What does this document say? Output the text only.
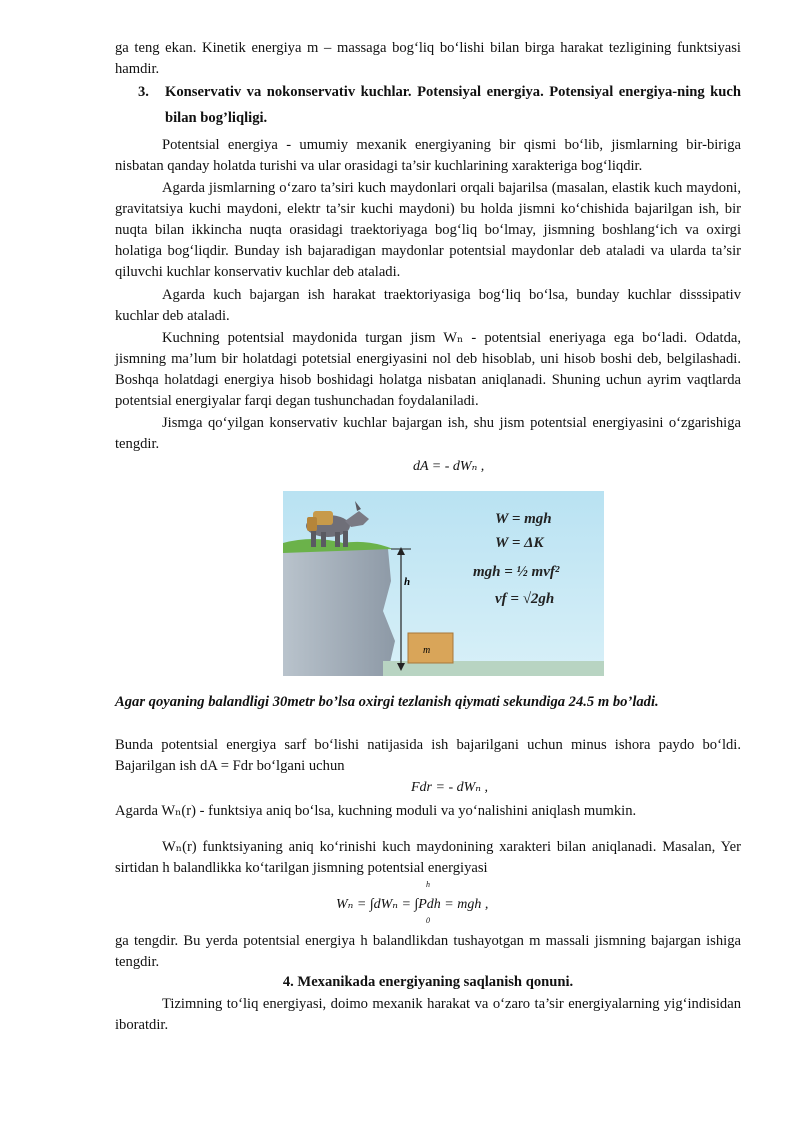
ga teng ekan. Kinetik energiya m – massaga bog‘liq bo‘lishi bilan birga harakat tezligining funktsiyasi hamdir.
3. Konservativ va nokonservativ kuchlar. Potensiyal energiya. Potensiyal energiya-ning kuch bilan bog’liqligi.
Potentsial energiya - umumiy mexanik energiyaning bir qismi bo‘lib, jismlarning bir-biriga nisbatan qanday holatda turishi va ular orasidagi ta’sir kuchlarining xarakteriga bog‘liqdir.
Agarda jismlarning o‘zaro ta’siri kuch maydonlari orqali bajarilsa (masalan, elastik kuch maydoni, gravitatsiya kuchi maydoni, elektr ta’sir kuchi maydoni) bu holda jismni ko‘chishida bajarilgan ish, bir nuqta bilan ikkincha nuqta orasidagi traektoriyaga bog‘liq bo‘lmay, jismning boshlang‘ich va oxirgi holatiga bog‘liqdir. Bunday ish bajaradigan maydonlar potentsial maydonlar deb ataladi va ularda ta’sir qiluvchi kuchlar konservativ kuchlar deb ataladi.
Agarda kuch bajargan ish harakat traektoriyasiga bog‘liq bo‘lsa, bunday kuchlar disssipativ kuchlar deb ataladi.
Kuchning potentsial maydonida turgan jism Wₙ - potentsial eneriyaga ega bo‘ladi. Odatda, jismning ma’lum bir holatdagi potetsial energiyasini nol deb hisoblab, uni hisob boshi deb, belgilashadi. Boshqa holatdagi energiya hisob boshidagi holatga nisbatan aniqlanadi. Shuning uchun ayrim vaqtlarda potentsial energiyalar farqi degan tushunchadan foydalaniladi.
Jismga qo‘yilgan konservativ kuchlar bajargan ish, shu jism potentsial energiyasini o‘zgarishiga tengdir.
dA = - dWₙ ,
h
m
W = mgh
W = ΔK
mgh = ½ mvf²
vf = √2gh
Agar qoyaning balandligi 30metr bo’lsa oxirgi tezlanish qiymati sekundiga 24.5 m bo’ladi.
Bunda potentsial energiya sarf bo‘lishi natijasida ish bajarilgani uchun minus ishora paydo bo‘ldi. Bajarilgan ish dA = Fdr bo‘lgani uchun
Fdr = - dWₙ ,
Agarda Wₙ(r) - funktsiya aniq bo‘lsa, kuchning moduli va yo‘nalishini aniqlash mumkin.
Wₙ(r) funktsiyaning aniq ko‘rinishi kuch maydonining xarakteri bilan aniqlanadi. Masalan, Yer sirtidan h balandlikka ko‘tarilgan jismning potentsial energiyasi
Wₙ = ∫dWₙ = ∫Pdh = mgh ,
h
0
ga tengdir. Bu yerda potentsial energiya h balandlikdan tushayotgan m massali jismning bajargan ishiga tengdir.
4. Mexanikada energiyaning saqlanish qonuni.
Tizimning to‘liq energiyasi, doimo mexanik harakat va o‘zaro ta’sir energiyalarning yig‘indisidan iboratdir.
